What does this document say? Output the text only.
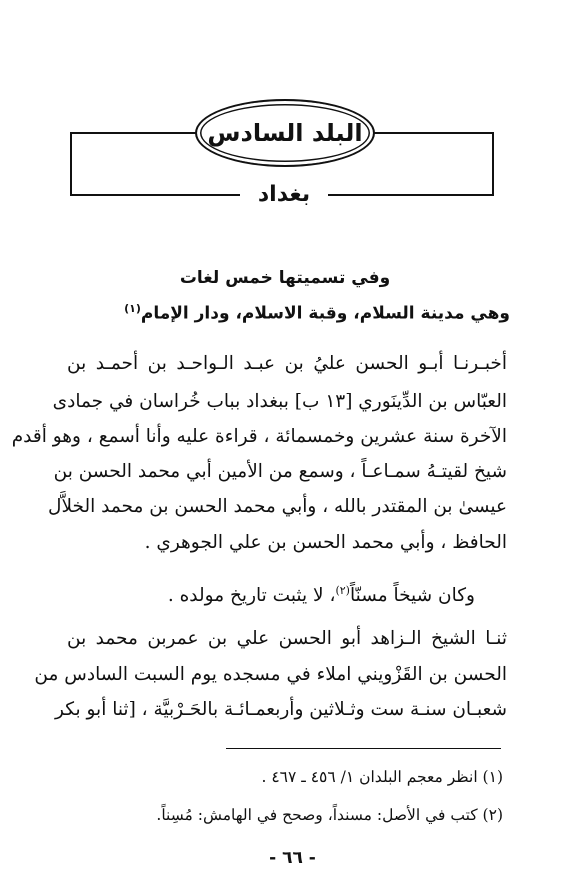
البلد السادس
بغداد
وفي تسميتها خمس لغات
وهي مدينة السلام، وقبة الاسلام، ودار الإمام$^{(١)}$
أخبـرنـا أبـو الحسن عليُ بن عبـد الـواحـد بن أحمـد بن
العبّاس بن الدِّينَوري [١٣ ب] ببغداد بباب خُراسان في جمادى
الآخرة سنة عشرين وخمسمائة ، قراءة عليه وأنا أسمع ، وهو أقدم
شيخ لقيتـهُ سمـاعـاً ، وسمع من الأمين أبي محمد الحسن بن
عيسىٰ بن المقتدر بالله ، وأبي محمد الحسن بن محمد الخلاَّل
الحافظ ، وأبي محمد الحسن بن علي الجوهري .
وكان شيخاً مسنّاً$^{(٢)}$، لا يثبت تاريخ مولده .
ثنـا الشيخ الـزاهد أبو الحسن علي بن عمربن محمد بن
الحسن بن القَزْويني املاء في مسجده يوم السبت السادس من
شعبـان سنـة ست وثـلاثين وأربعمـائـة بالحَـرْبيَّة ، [ثنا أبو بكر
(١) انظر معجم البلدان ١/ ٤٥٦ ـ ٤٦٧ .
(٢) كتب في الأصل: مسنداً، وصحح في الهامش: مُسِناً.
- ٦٦ -
